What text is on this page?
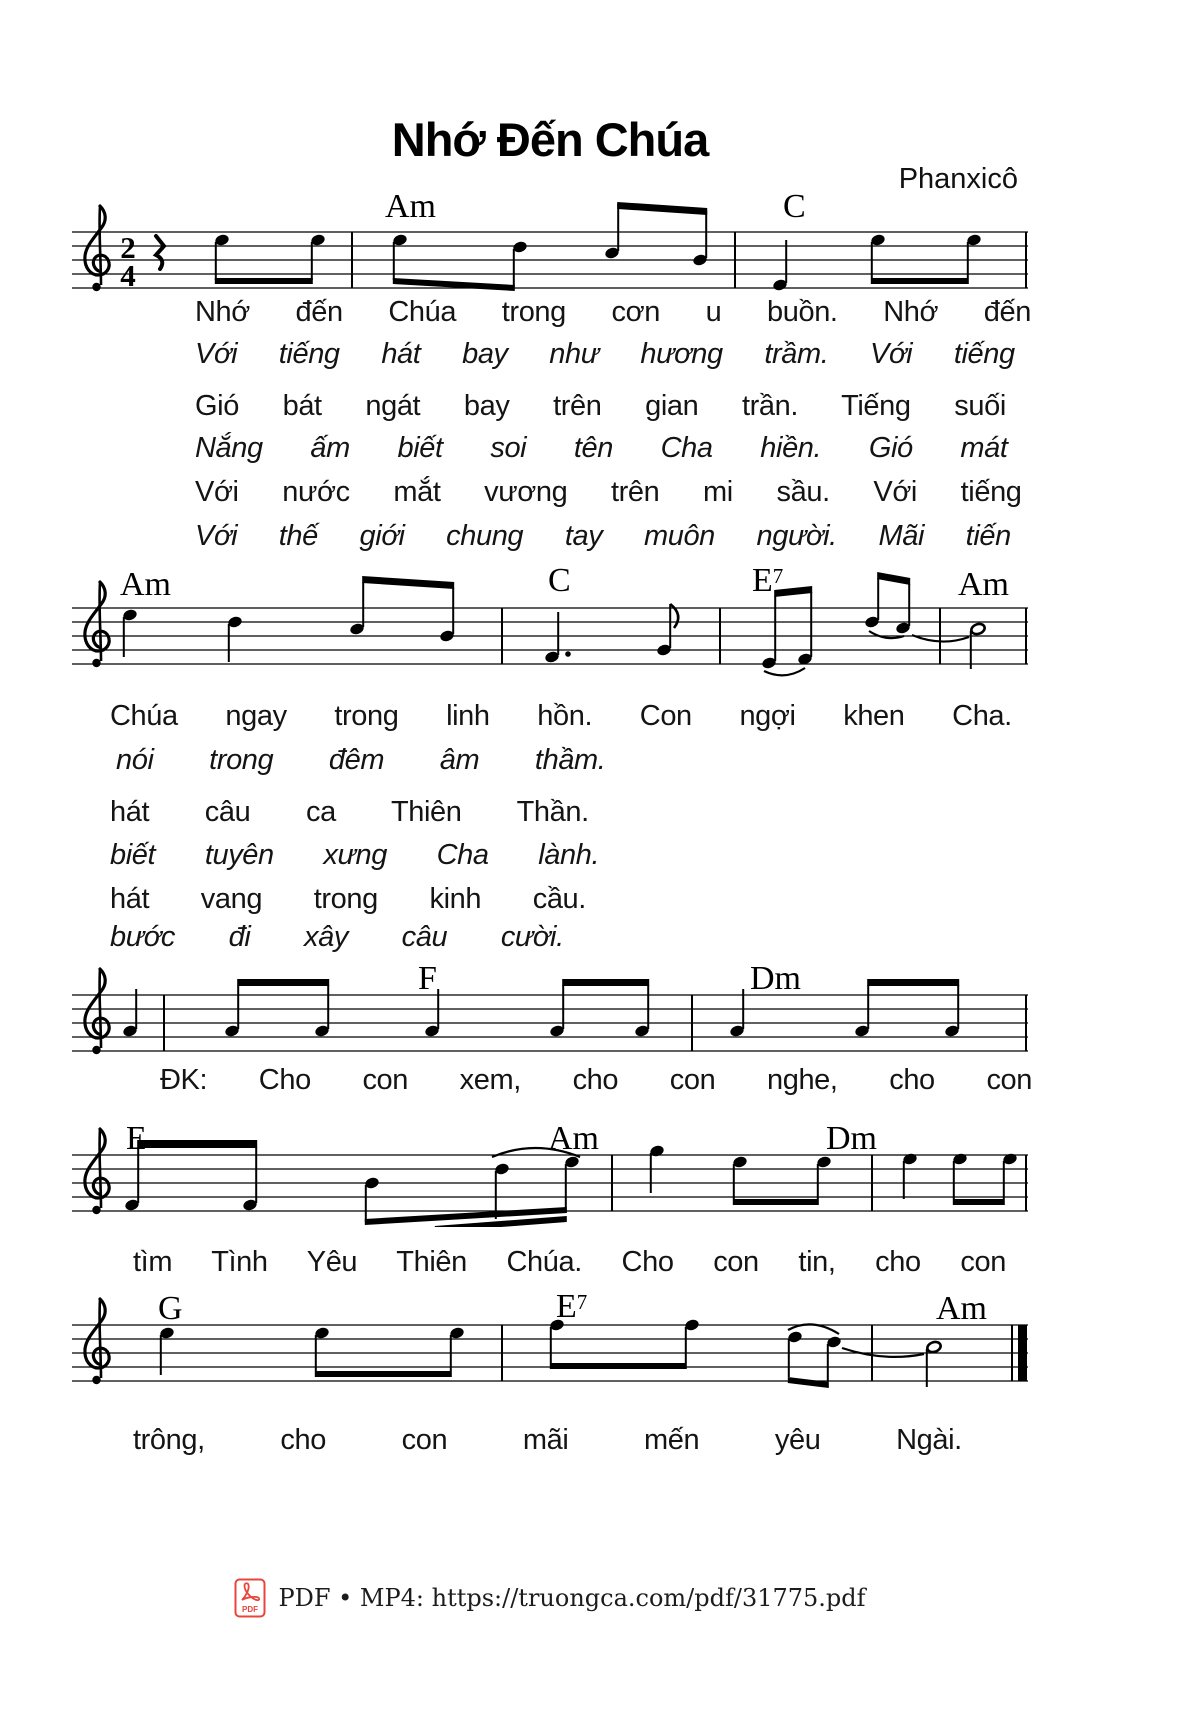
Nhớ Đến Chúa
Phanxicô
2
4
Am	C
Nhớ đến Chúa trong cơn u buồn. Nhớ đến
Với tiếng hát bay như hương trầm. Với tiếng
Gió bát ngát bay trên gian trần. Tiếng suối
Nắng ấm biết soi tên Cha hiền. Gió mát
Với nước mắt vương trên mi sầu. Với tiếng
Với thế giới chung tay muôn người. Mãi tiến
Am	C	$E^7$	Am
Chúa ngay trong linh hồn. Con ngợi khen Cha.
nói trong đêm âm thầm.
hát câu ca Thiên Thần.
biết tuyên xưng Cha lành.
hát vang trong kinh cầu.
bước đi xây câu cười.
F	Dm
ĐK: Cho con xem, cho con nghe, cho con
E	Am	Dm
tìm Tình Yêu Thiên Chúa. Cho con tin, cho con
G	$E^7$	Am
trông, cho con mãi mến yêu Ngài.
PDF PDF • MP4: https://truongca.com/pdf/31775.pdf
